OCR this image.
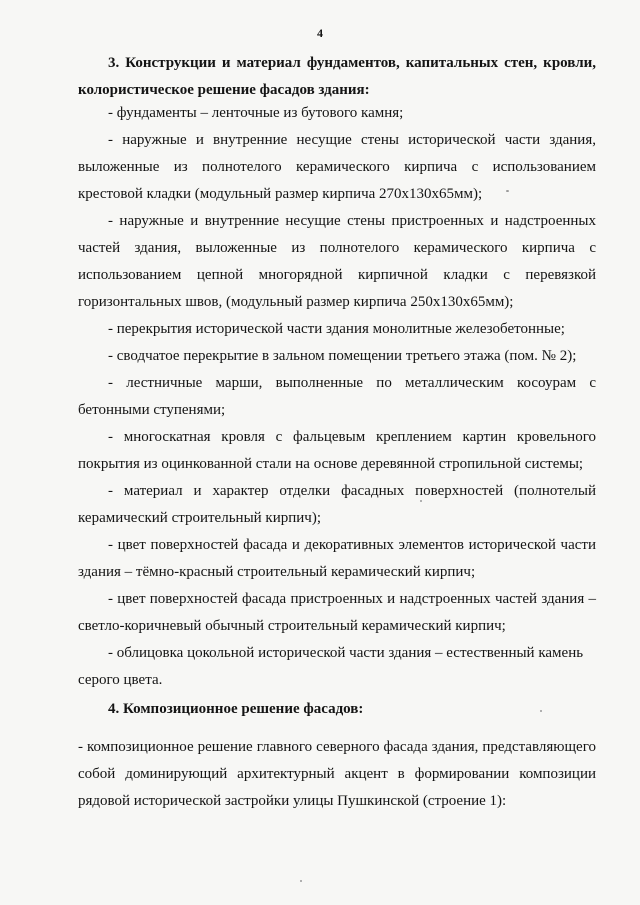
4

3. Конструкции и материал фундаментов, капитальных стен, кровли, колористическое решение фасадов здания:

- фундаменты – ленточные из бутового камня;

- наружные и внутренние несущие стены исторической части здания, выложенные из полнотелого керамического кирпича с использованием крестовой кладки (модульный размер кирпича 270х130х65мм);

- наружные и внутренние несущие стены пристроенных и надстроенных частей здания, выложенные из полнотелого керамического кирпича с использованием цепной многорядной кирпичной кладки с перевязкой горизонтальных швов, (модульный размер кирпича 250х130х65мм);

- перекрытия исторической части здания монолитные железобетонные;

- сводчатое перекрытие в зальном помещении третьего этажа (пом. № 2);

- лестничные марши, выполненные по металлическим косоурам с бетонными ступенями;

- многоскатная кровля с фальцевым креплением картин кровельного покрытия из оцинкованной стали на основе деревянной стропильной системы;

- материал и характер отделки фасадных поверхностей (полнотелый керамический строительный кирпич);

- цвет поверхностей фасада и декоративных элементов исторической части здания – тёмно-красный строительный керамический кирпич;

- цвет поверхностей фасада пристроенных и надстроенных частей здания – светло-коричневый обычный строительный керамический кирпич;

- облицовка цокольной исторической части здания – естественный камень серого цвета.

4. Композиционное решение фасадов:

- композиционное решение главного северного фасада здания, представляющего собой доминирующий архитектурный акцент в формировании композиции рядовой исторической застройки улицы Пушкинской (строение 1):
